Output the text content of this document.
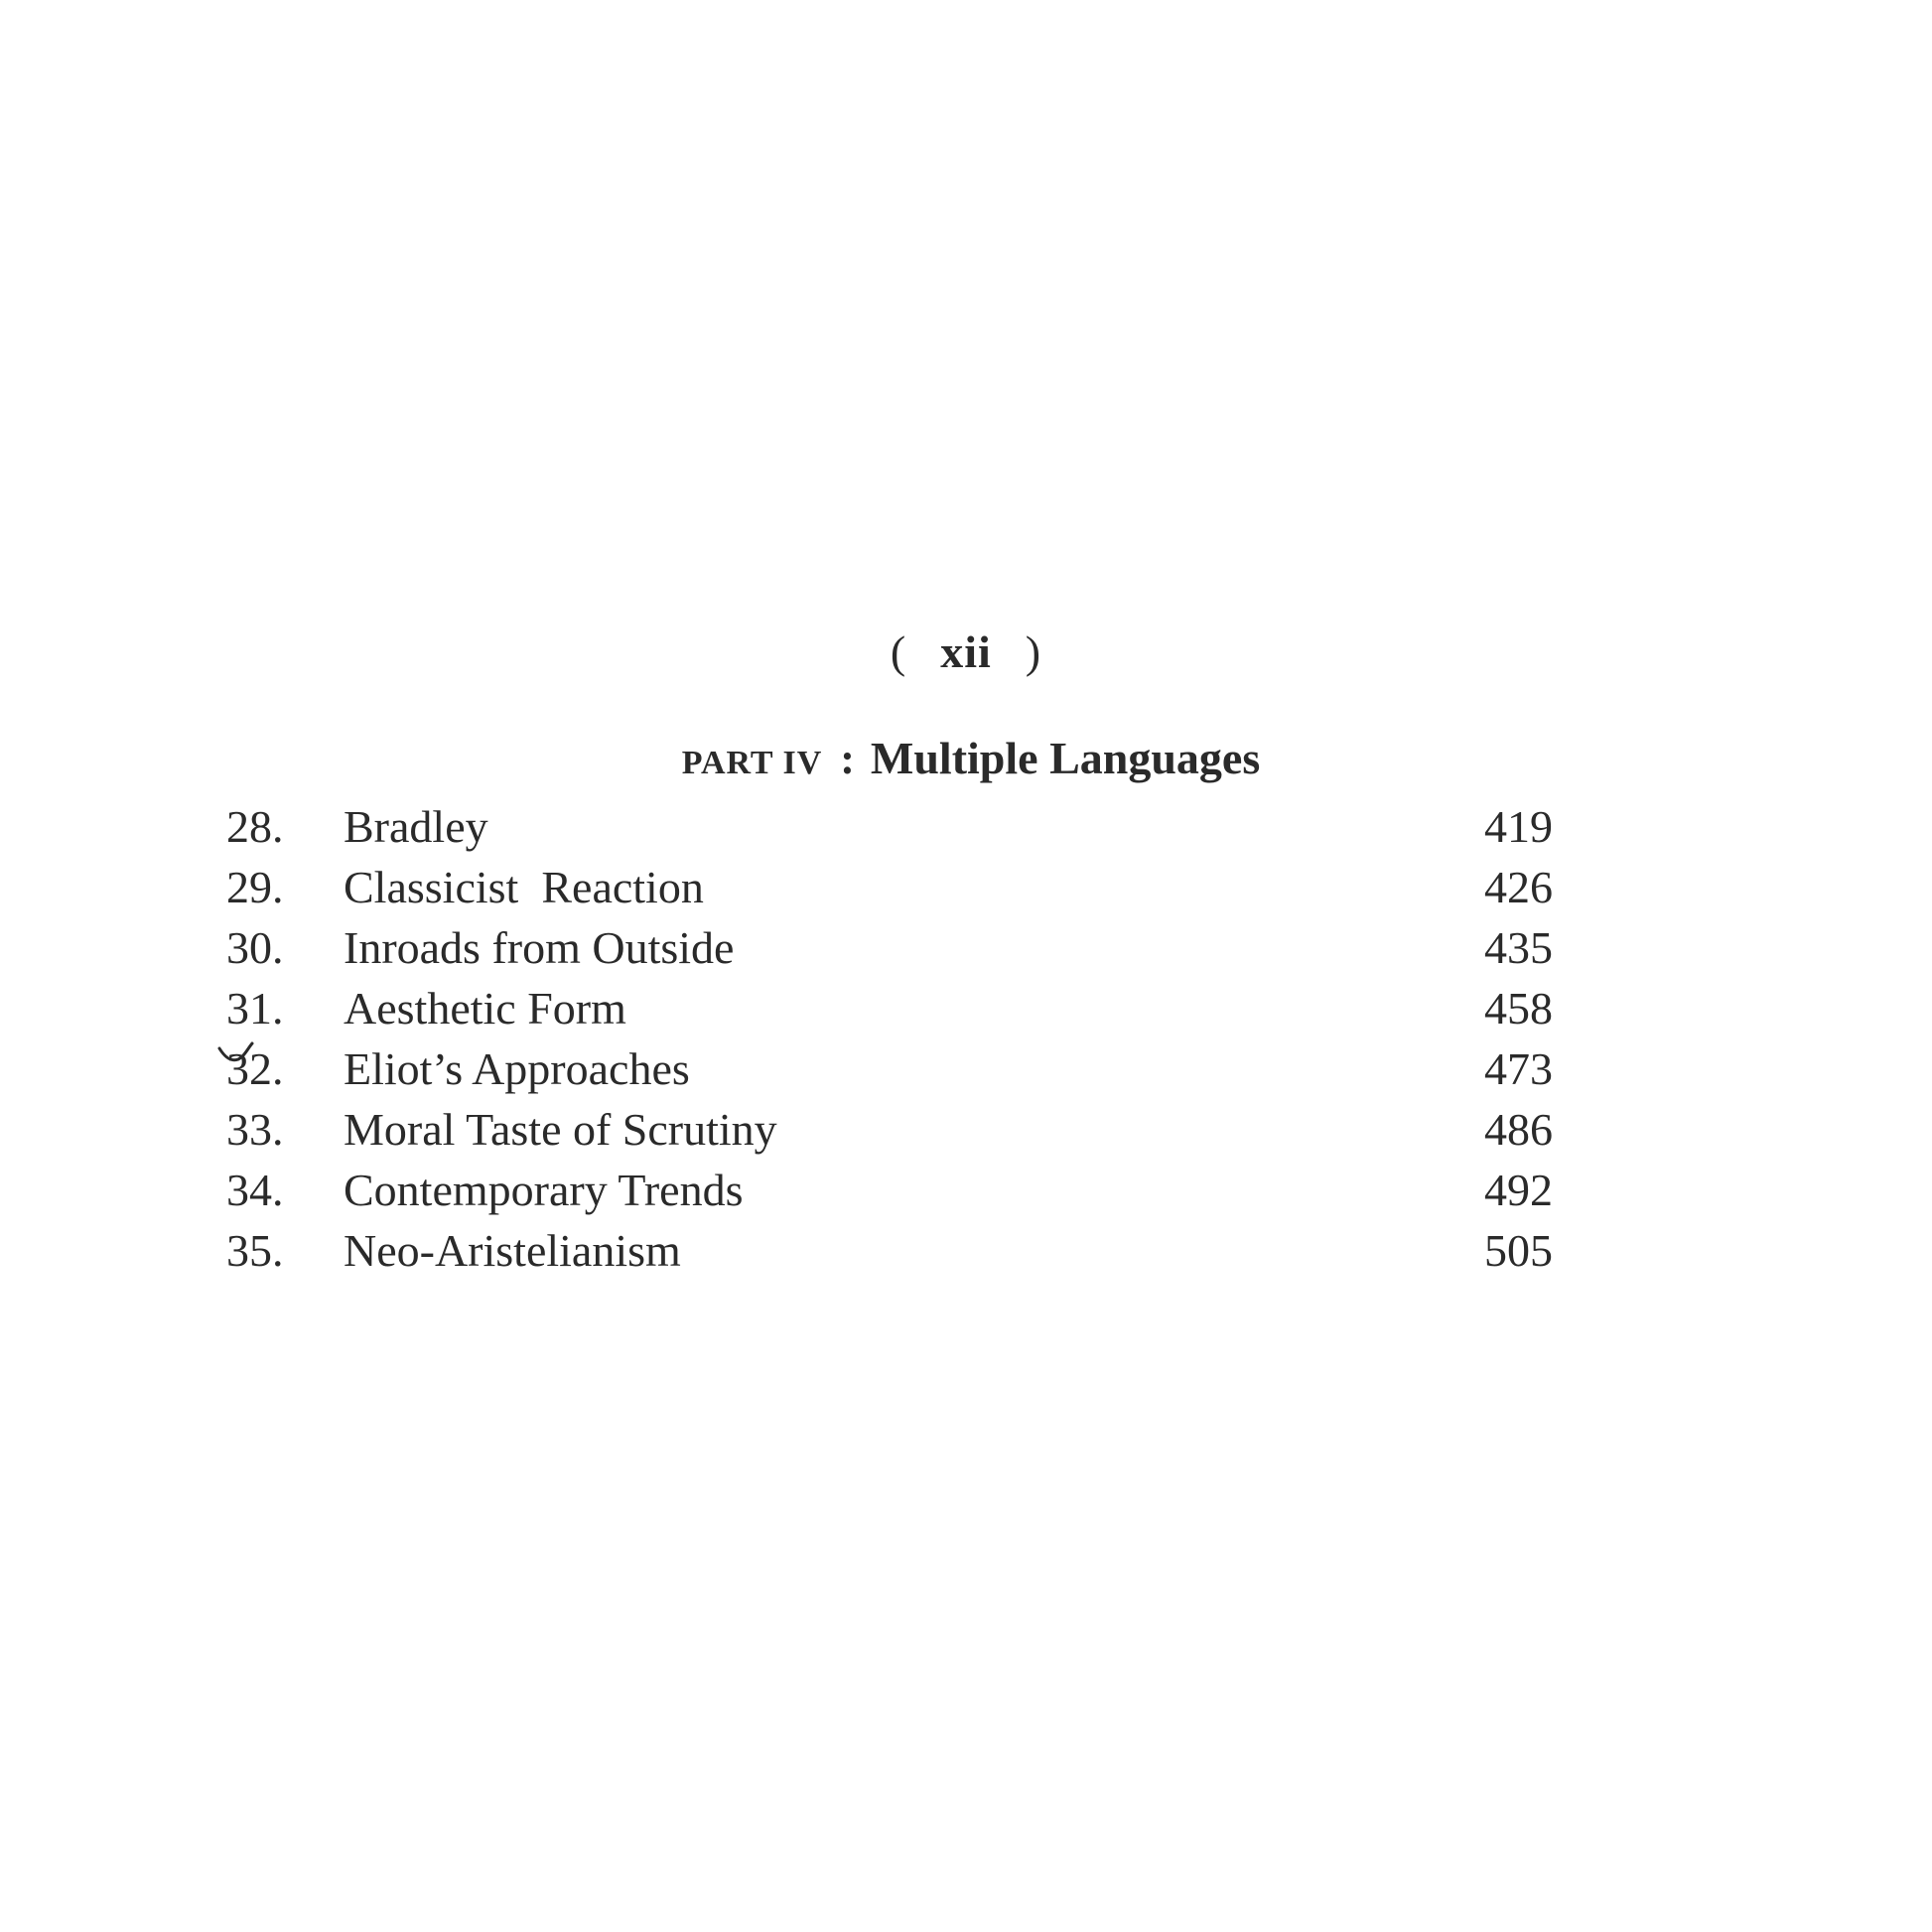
( xii )
PART IV : Multiple Languages
28. Bradley	419
29. Classicist  Reaction	426
30. Inroads from Outside	435
31. Aesthetic Form	458
32. Eliot’s Approaches	473
33. Moral Taste of Scrutiny	486
34. Contemporary Trends	492
35. Neo-Aristelianism	505
